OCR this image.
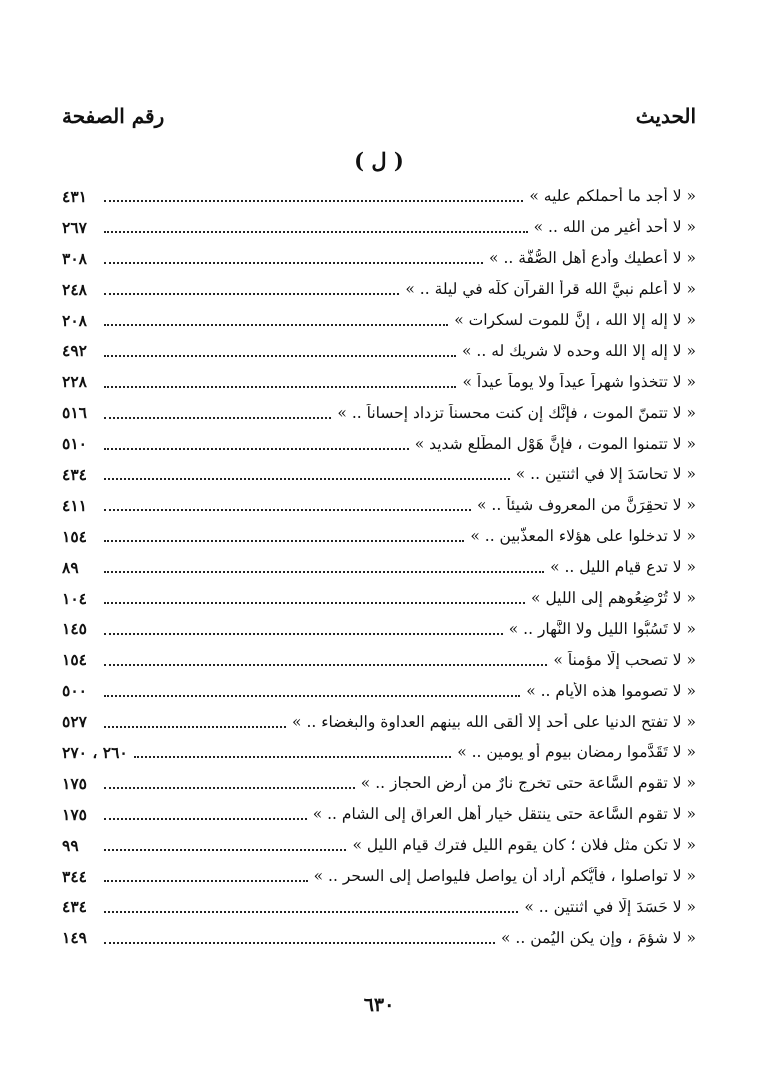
الحديث
رقم الصفحة
( ل )
« لا أجد ما أحملكم عليه »
٤٣١
« لا أحد أغير من الله .. »
٢٦٧
« لا أعطيك وأدع أهل الصُّفَّة .. »
٣٠٨
« لا أعلم نبيَّ الله قرأ القرآن كلَّه في ليلة .. »
٢٤٨
« لا إله إلا الله ، إنَّ للموت لسكرات »
٢٠٨
« لا إله إلا الله وحده لا شريك له .. »
٤٩٢
« لا تتخذوا شهراً عيداً ولا يوماً عيداً »
٢٢٨
« لا تتمنّ الموت ، فإنَّك إن كنت محسناً تزداد إحساناً .. »
٥١٦
« لا تتمنوا الموت ، فإنَّ هَوْل المطَّلع شديد »
٥١٠
« لا تحاسَدَ إلا في اثنتين .. »
٤٣٤
« لا تحقِرَنَّ من المعروف شيئاً .. »
٤١١
« لا تدخلوا على هؤلاء المعذَّبين .. »
١٥٤
« لا تدع قيام الليل .. »
٨٩
« لا تُرْضِعُوهم إلى الليل »
١٠٤
« لا تَسُبُّوا الليل ولا النَّهار .. »
١٤٥
« لا تصحب إلَّا مؤمناً »
١٥٤
« لا تصوموا هذه الأيام .. »
٥٠٠
« لا تفتح الدنيا على أحد إلا ألقى الله بينهم العداوة والبغضاء .. »
٥٢٧
« لا تَقَدَّموا رمضان بيوم أو يومين .. »
٢٦٠ ، ٢٧٠
« لا تقوم السَّاعة حتى تخرج نارٌ من أرض الحجاز .. »
١٧٥
« لا تقوم السَّاعة حتى ينتقل خيار أهل العراق إلى الشام .. »
١٧٥
« لا تكن مثل فلان ؛ كان يقوم الليل فترك قيام الليل »
٩٩
« لا تواصلوا ، فأيُّكم أراد أن يواصل فليواصل إلى السحر .. »
٣٤٤
« لا حَسَدَ إلَّا في اثنتين .. »
٤٣٤
« لا شؤمَ ، وإن يكن اليُمن .. »
١٤٩
٦٣٠
